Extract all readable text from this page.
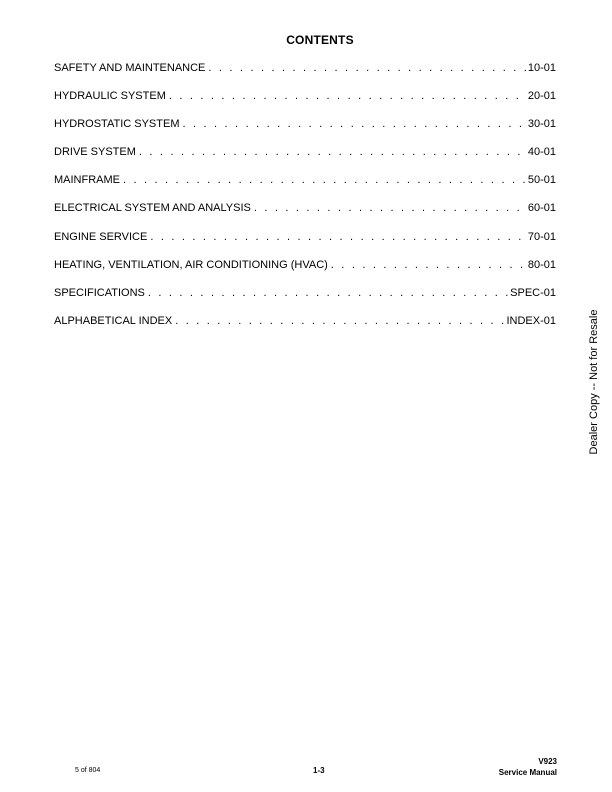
CONTENTS
SAFETY AND MAINTENANCE . . .	10-01
HYDRAULIC SYSTEM . . .	20-01
HYDROSTATIC SYSTEM . . .	30-01
DRIVE SYSTEM . . .	40-01
MAINFRAME . . .	50-01
ELECTRICAL SYSTEM AND ANALYSIS . . .	60-01
ENGINE SERVICE . . .	70-01
HEATING, VENTILATION, AIR CONDITIONING (HVAC) . . .	80-01
SPECIFICATIONS . . .	SPEC-01
ALPHABETICAL INDEX . . .	INDEX-01	Dealer Copy -- Not for Resale
5 of 804	1-3
V923
Service Manual
